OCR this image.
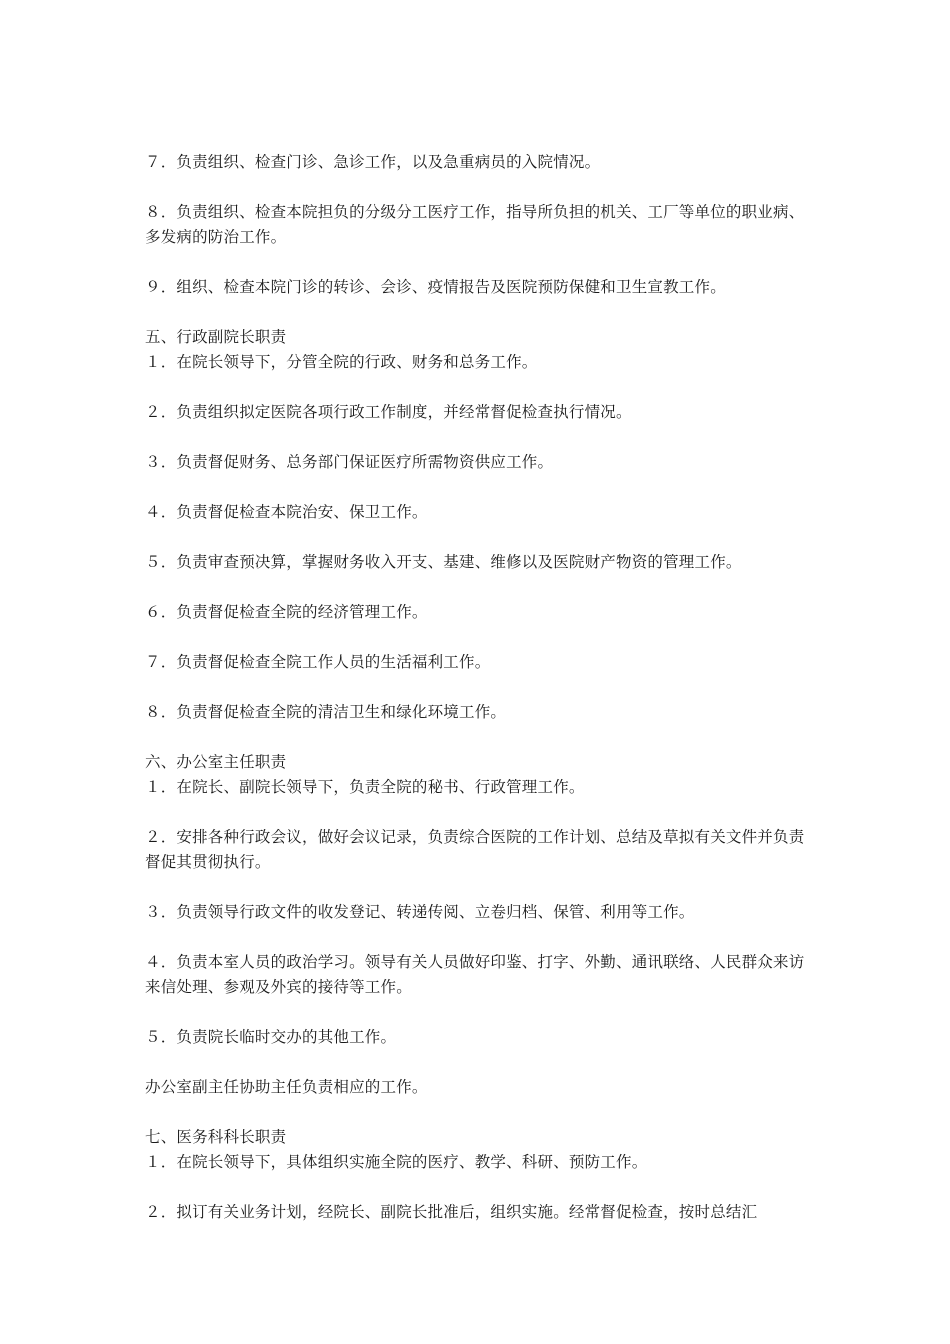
７．负责组织、检查门诊、急诊工作，以及急重病员的入院情况。

８．负责组织、检查本院担负的分级分工医疗工作，指导所负担的机关、工厂等单位的职业病、多发病的防治工作。

９．组织、检查本院门诊的转诊、会诊、疫情报告及医院预防保健和卫生宣教工作。

五、行政副院长职责

１．在院长领导下，分管全院的行政、财务和总务工作。

２．负责组织拟定医院各项行政工作制度，并经常督促检查执行情况。

３．负责督促财务、总务部门保证医疗所需物资供应工作。

４．负责督促检查本院治安、保卫工作。

５．负责审查预决算，掌握财务收入开支、基建、维修以及医院财产物资的管理工作。

６．负责督促检查全院的经济管理工作。

７．负责督促检查全院工作人员的生活福利工作。

８．负责督促检查全院的清洁卫生和绿化环境工作。

六、办公室主任职责

１．在院长、副院长领导下，负责全院的秘书、行政管理工作。

２．安排各种行政会议，做好会议记录，负责综合医院的工作计划、总结及草拟有关文件并负责督促其贯彻执行。

３．负责领导行政文件的收发登记、转递传阅、立卷归档、保管、利用等工作。

４．负责本室人员的政治学习。领导有关人员做好印鉴、打字、外勤、通讯联络、人民群众来访来信处理、参观及外宾的接待等工作。

５．负责院长临时交办的其他工作。

办公室副主任协助主任负责相应的工作。

七、医务科科长职责

１．在院长领导下，具体组织实施全院的医疗、教学、科研、预防工作。

２．拟订有关业务计划，经院长、副院长批准后，组织实施。经常督促检查，按时总结汇
